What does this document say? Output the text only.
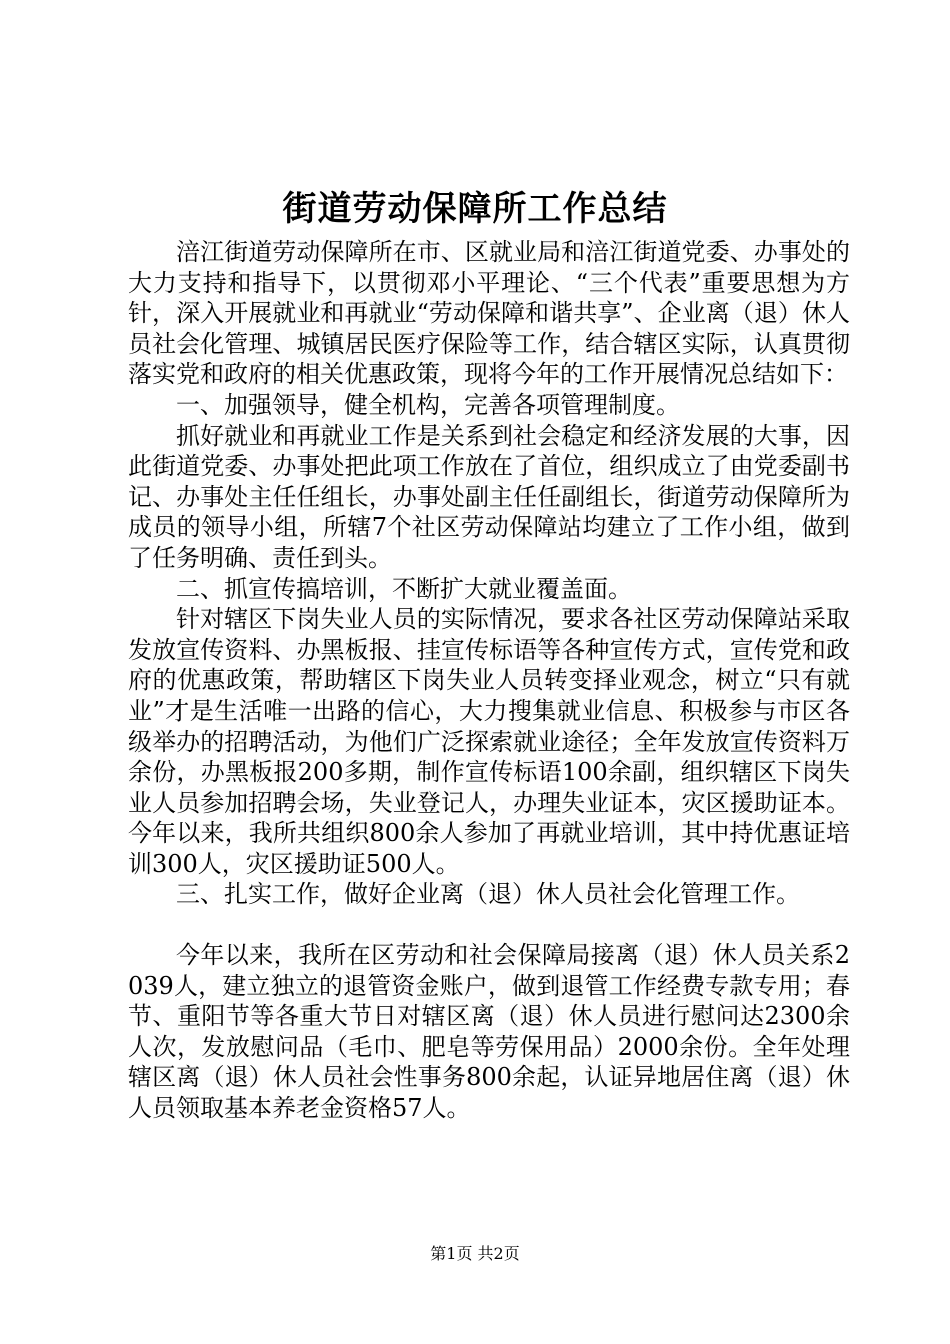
街道劳动保障所工作总结

涪江街道劳动保障所在市、区就业局和涪江街道党委、办事处的大力支持和指导下，以贯彻邓小平理论、“三个代表”重要思想为方针，深入开展就业和再就业“劳动保障和谐共享”、企业离（退）休人员社会化管理、城镇居民医疗保险等工作，结合辖区实际，认真贯彻落实党和政府的相关优惠政策，现将今年的工作开展情况总结如下：

一、加强领导，健全机构，完善各项管理制度。

抓好就业和再就业工作是关系到社会稳定和经济发展的大事，因此街道党委、办事处把此项工作放在了首位，组织成立了由党委副书记、办事处主任任组长，办事处副主任任副组长，街道劳动保障所为成员的领导小组，所辖7个社区劳动保障站均建立了工作小组，做到了任务明确、责任到头。

二、抓宣传搞培训，不断扩大就业覆盖面。

针对辖区下岗失业人员的实际情况，要求各社区劳动保障站采取发放宣传资料、办黑板报、挂宣传标语等各种宣传方式，宣传党和政府的优惠政策，帮助辖区下岗失业人员转变择业观念，树立“只有就业”才是生活唯一出路的信心，大力搜集就业信息、积极参与市区各级举办的招聘活动，为他们广泛探索就业途径；全年发放宣传资料万余份，办黑板报200多期，制作宣传标语100余副，组织辖区下岗失业人员参加招聘会场，失业登记人，办理失业证本，灾区援助证本。今年以来，我所共组织800余人参加了再就业培训，其中持优惠证培训300人，灾区援助证500人。

三、扎实工作，做好企业离（退）休人员社会化管理工作。

今年以来，我所在区劳动和社会保障局接离（退）休人员关系2039人，建立独立的退管资金账户，做到退管工作经费专款专用；春节、重阳节等各重大节日对辖区离（退）休人员进行慰问达2300余人次，发放慰问品（毛巾、肥皂等劳保用品）2000余份。全年处理辖区离（退）休人员社会性事务800余起，认证异地居住离（退）休人员领取基本养老金资格57人。

第1页 共2页
